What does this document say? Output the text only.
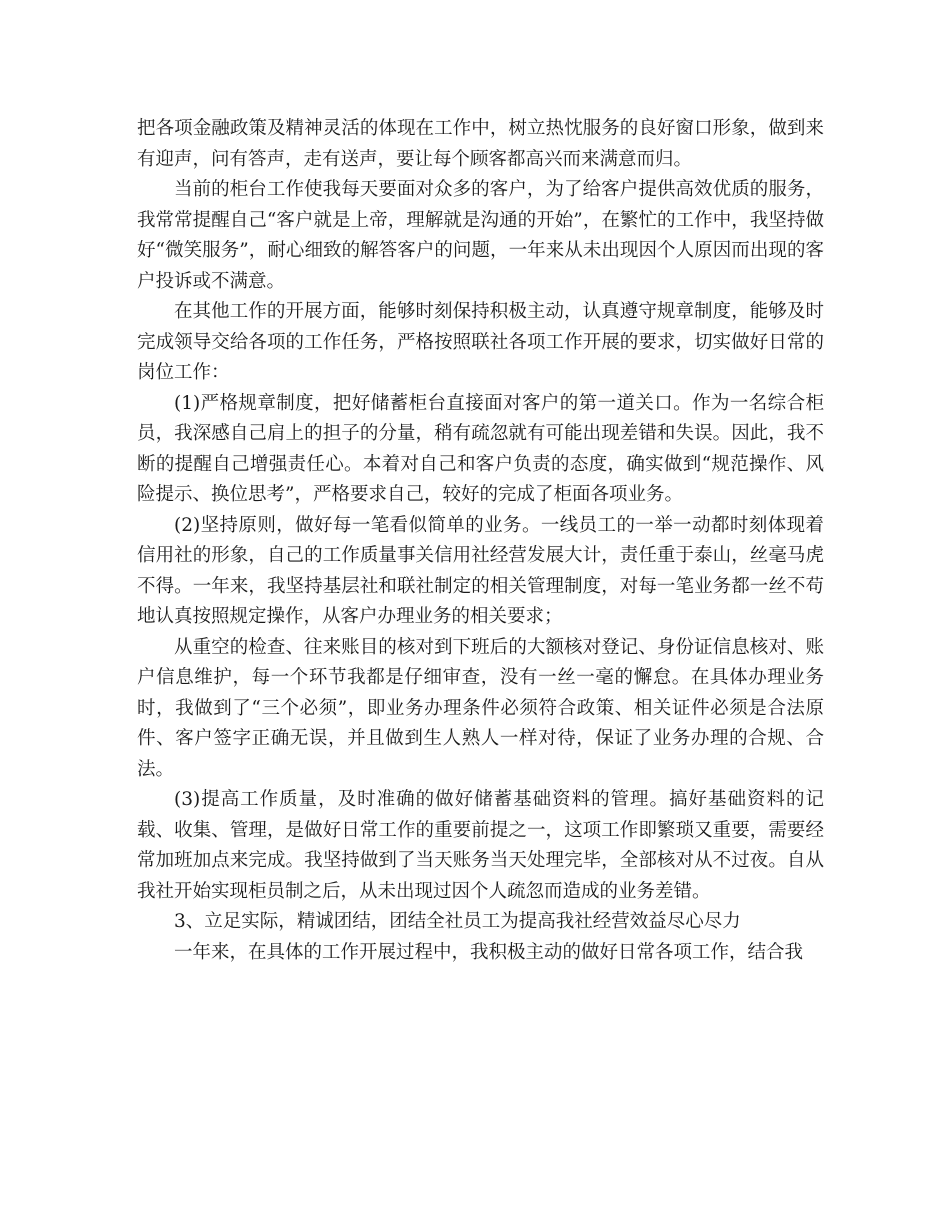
把各项金融政策及精神灵活的体现在工作中，树立热忱服务的良好窗口形象，做到来有迎声，问有答声，走有送声，要让每个顾客都高兴而来满意而归。

当前的柜台工作使我每天要面对众多的客户，为了给客户提供高效优质的服务，我常常提醒自己“客户就是上帝，理解就是沟通的开始”，在繁忙的工作中，我坚持做好“微笑服务”，耐心细致的解答客户的问题，一年来从未出现因个人原因而出现的客户投诉或不满意。

在其他工作的开展方面，能够时刻保持积极主动，认真遵守规章制度，能够及时完成领导交给各项的工作任务，严格按照联社各项工作开展的要求，切实做好日常的岗位工作：

(1)严格规章制度，把好储蓄柜台直接面对客户的第一道关口。作为一名综合柜员，我深感自己肩上的担子的分量，稍有疏忽就有可能出现差错和失误。因此，我不断的提醒自己增强责任心。本着对自己和客户负责的态度，确实做到“规范操作、风险提示、换位思考”，严格要求自己，较好的完成了柜面各项业务。

(2)坚持原则，做好每一笔看似简单的业务。一线员工的一举一动都时刻体现着信用社的形象，自己的工作质量事关信用社经营发展大计，责任重于泰山，丝毫马虎不得。一年来，我坚持基层社和联社制定的相关管理制度，对每一笔业务都一丝不苟地认真按照规定操作，从客户办理业务的相关要求；

从重空的检查、往来账目的核对到下班后的大额核对登记、身份证信息核对、账户信息维护，每一个环节我都是仔细审查，没有一丝一毫的懈怠。在具体办理业务时，我做到了“三个必须”，即业务办理条件必须符合政策、相关证件必须是合法原件、客户签字正确无误，并且做到生人熟人一样对待，保证了业务办理的合规、合法。

(3)提高工作质量，及时准确的做好储蓄基础资料的管理。搞好基础资料的记载、收集、管理，是做好日常工作的重要前提之一，这项工作即繁琐又重要，需要经常加班加点来完成。我坚持做到了当天账务当天处理完毕，全部核对从不过夜。自从我社开始实现柜员制之后，从未出现过因个人疏忽而造成的业务差错。

3、立足实际，精诚团结，团结全社员工为提高我社经营效益尽心尽力

一年来，在具体的工作开展过程中，我积极主动的做好日常各项工作，结合我
